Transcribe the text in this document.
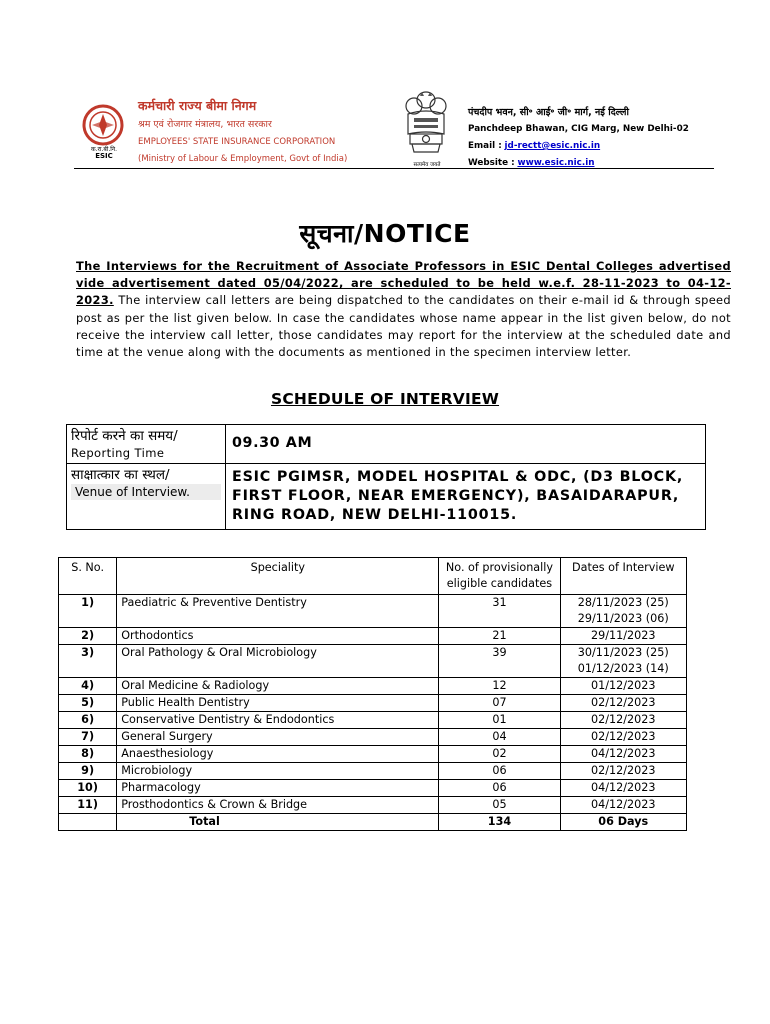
क.रा.बी.नि.
ESIC
कर्मचारी राज्य बीमा निगम
श्रम एवं रोजगार मंत्रालय, भारत सरकार
EMPLOYEES' STATE INSURANCE CORPORATION
(Ministry of Labour & Employment, Govt of India)
सत्यमेव जयते
पंचदीप भवन, सी॰ आई॰ जी॰ मार्ग, नई दिल्ली
Panchdeep Bhawan, CIG Marg, New Delhi-02
Email : jd-rectt@esic.nic.in
Website : www.esic.nic.in
सूचना/NOTICE
The Interviews for the Recruitment of Associate Professors in ESIC Dental Colleges advertised vide advertisement dated 05/04/2022, are scheduled to be held w.e.f. 28-11-2023 to 04-12-2023. The interview call letters are being dispatched to the candidates on their e-mail id & through speed post as per the list given below. In case the candidates whose name appear in the list given below, do not receive the interview call letter, those candidates may report for the interview at the scheduled date and time at the venue along with the documents as mentioned in the specimen interview letter.
SCHEDULE OF INTERVIEW
रिपोर्ट करने का समय/
Reporting Time	09.30 AM

साक्षात्कार का स्थल/
Venue of Interview.	ESIC PGIMSR, MODEL HOSPITAL & ODC, (D3 BLOCK, FIRST FLOOR, NEAR EMERGENCY), BASAIDARAPUR, RING ROAD, NEW DELHI-110015.
S. No.	Speciality	No. of provisionally eligible candidates	Dates of Interview
1)	Paediatric & Preventive Dentistry	31	28/11/2023 (25)
29/11/2023 (06)

2)	Orthodontics	21	29/11/2023
3)	Oral Pathology & Oral Microbiology	39	30/11/2023 (25)
01/12/2023 (14)

4)	Oral Medicine & Radiology	12	01/12/2023
5)	Public Health Dentistry	07	02/12/2023
6)	Conservative Dentistry & Endodontics	01	02/12/2023
7)	General Surgery	04	02/12/2023
8)	Anaesthesiology	02	04/12/2023
9)	Microbiology	06	02/12/2023
10)	Pharmacology	06	04/12/2023
11)	Prosthodontics & Crown & Bridge	05	04/12/2023
	Total	134	06 Days
